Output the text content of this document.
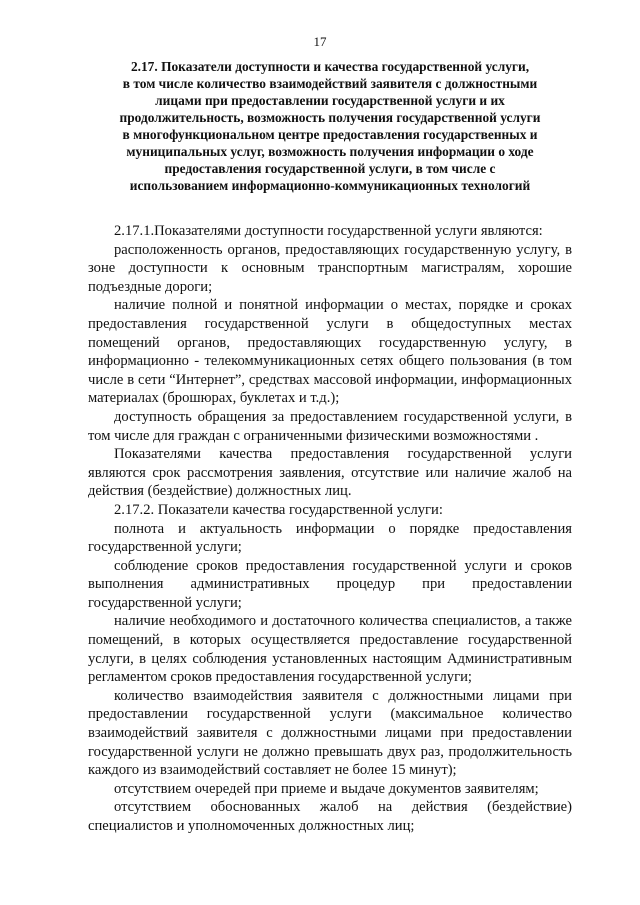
17
2.17. Показатели доступности и качества государственной услуги,
в том числе количество взаимодействий заявителя с должностными
лицами при предоставлении государственной услуги и их
продолжительность, возможность получения государственной услуги
в многофункциональном центре предоставления государственных и
муниципальных услуг, возможность получения информации о ходе
предоставления государственной услуги, в том числе с
использованием информационно-коммуникационных технологий

2.17.1.Показателями доступности государственной услуги являются:

расположенность органов, предоставляющих государственную услугу, в зоне доступности к основным транспортным магистралям, хорошие подъездные дороги;

наличие полной и понятной информации о местах, порядке и сроках предоставления государственной услуги в общедоступных местах помещений органов, предоставляющих государственную услугу, в информационно - телекоммуникационных сетях общего пользования (в том числе в сети “Интернет”, средствах массовой информации, информационных материалах (брошюрах, буклетах и т.д.);

доступность обращения за предоставлением государственной услуги, в том числе для граждан с ограниченными физическими возможностями .

Показателями качества предоставления государственной услуги являются срок рассмотрения заявления, отсутствие или наличие жалоб на действия (бездействие) должностных лиц.

2.17.2. Показатели качества государственной услуги:

полнота и актуальность информации о порядке предоставления государственной услуги;

соблюдение сроков предоставления государственной услуги и сроков выполнения административных процедур при предоставлении государственной услуги;

наличие необходимого и достаточного количества специалистов, а также помещений, в которых осуществляется предоставление государственной услуги, в целях соблюдения установленных настоящим Административным регламентом сроков предоставления государственной услуги;

количество взаимодействия заявителя с должностными лицами при предоставлении государственной услуги (максимальное количество взаимодействий заявителя с должностными лицами при предоставлении государственной услуги не должно превышать двух раз, продолжительность каждого из взаимодействий составляет не более 15 минут);

отсутствием очередей при приеме и выдаче документов заявителям;

отсутствием обоснованных жалоб на действия (бездействие) специалистов и уполномоченных должностных лиц;
